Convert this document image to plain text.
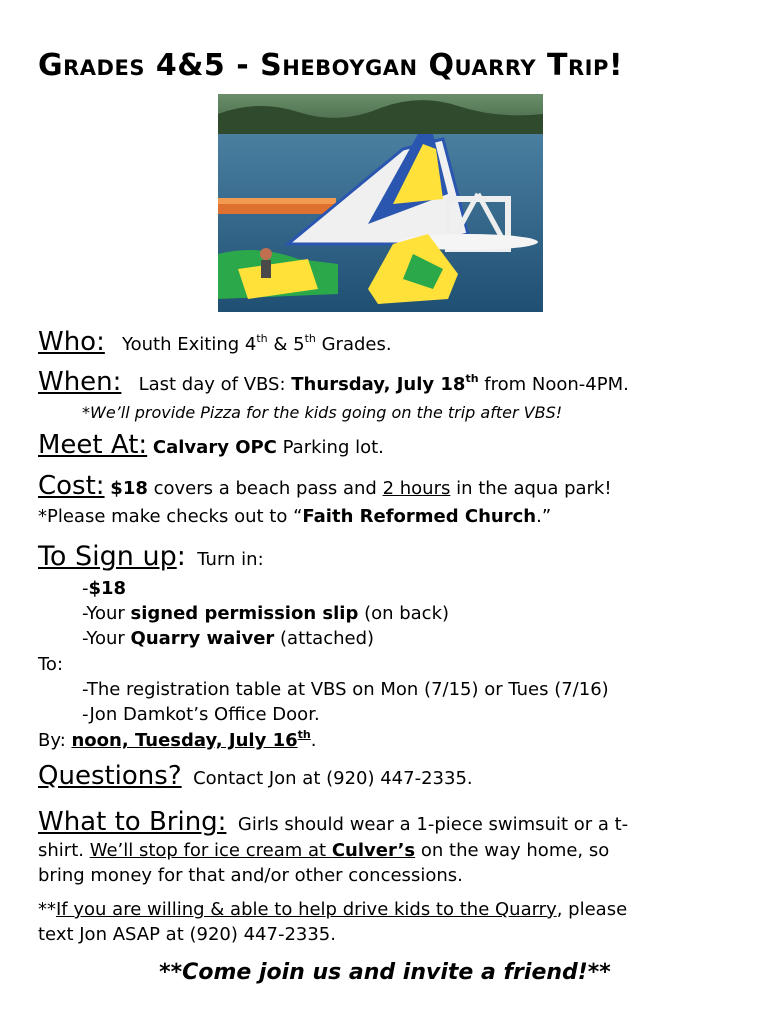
Grades 4&5 - Sheboygan Quarry Trip!
Who: Youth Exiting 4th & 5th Grades.
When: Last day of VBS: Thursday, July 18th from Noon-4PM.
*We’ll provide Pizza for the kids going on the trip after VBS!
Meet At: Calvary OPC Parking lot.
Cost: $18 covers a beach pass and 2 hours in the aqua park!
*Please make checks out to “Faith Reformed Church.”
To Sign up: Turn in:
-$18
-Your signed permission slip (on back)
-Your Quarry waiver (attached)
To:
-The registration table at VBS on Mon (7/15) or Tues (7/16)
-Jon Damkot’s Office Door.
By: noon, Tuesday, July 16th.
Questions? Contact Jon at (920) 447-2335.
What to Bring: Girls should wear a 1-piece swimsuit or a t-
shirt. We’ll stop for ice cream at Culver’s on the way home, so
bring money for that and/or other concessions.
**If you are willing & able to help drive kids to the Quarry, please
text Jon ASAP at (920) 447-2335.
**Come join us and invite a friend!**
